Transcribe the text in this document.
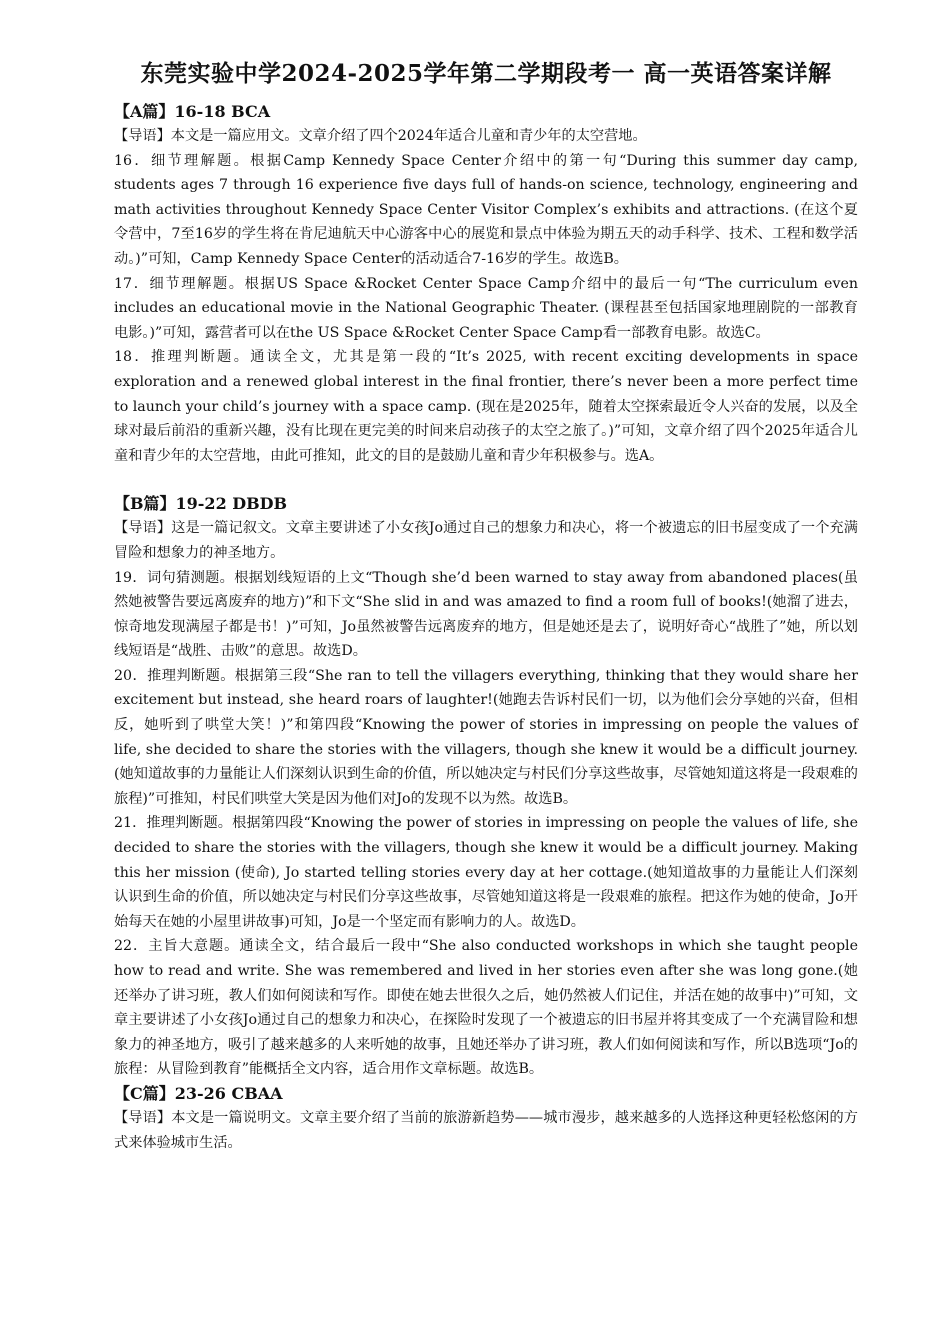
东莞实验中学2024-2025学年第二学期段考一 高一英语答案详解

【A篇】16-18 BCA

【导语】本文是一篇应用文。文章介绍了四个2024年适合儿童和青少年的太空营地。

16．细节理解题。根据Camp Kennedy Space Center介绍中的第一句“During this summer day camp, students ages 7 through 16 experience five days full of hands-on science, technology, engineering and math activities throughout Kennedy Space Center Visitor Complex’s exhibits and attractions. (在这个夏令营中，7至16岁的学生将在肯尼迪航天中心游客中心的展览和景点中体验为期五天的动手科学、技术、工程和数学活动。)”可知，Camp Kennedy Space Center的活动适合7-16岁的学生。故选B。

17．细节理解题。根据US Space &Rocket Center Space Camp介绍中的最后一句“The curriculum even includes an educational movie in the National Geographic Theater. (课程甚至包括国家地理剧院的一部教育电影。)”可知，露营者可以在the US Space &Rocket Center Space Camp看一部教育电影。故选C。

18．推理判断题。通读全文，尤其是第一段的“It’s 2025, with recent exciting developments in space exploration and a renewed global interest in the final frontier, there’s never been a more perfect time to launch your child’s journey with a space camp. (现在是2025年，随着太空探索最近令人兴奋的发展，以及全球对最后前沿的重新兴趣，没有比现在更完美的时间来启动孩子的太空之旅了。)”可知，文章介绍了四个2025年适合儿童和青少年的太空营地，由此可推知，此文的目的是鼓励儿童和青少年积极参与。选A。

【B篇】19-22 DBDB

【导语】这是一篇记叙文。文章主要讲述了小女孩Jo通过自己的想象力和决心，将一个被遗忘的旧书屋变成了一个充满冒险和想象力的神圣地方。

19．词句猜测题。根据划线短语的上文“Though she’d been warned to stay away from abandoned places(虽然她被警告要远离废弃的地方)”和下文“She slid in and was amazed to find a room full of books!(她溜了进去，惊奇地发现满屋子都是书！)”可知，Jo虽然被警告远离废弃的地方，但是她还是去了，说明好奇心“战胜了”她，所以划线短语是“战胜、击败”的意思。故选D。

20．推理判断题。根据第三段“She ran to tell the villagers everything, thinking that they would share her excitement but instead, she heard roars of laughter!(她跑去告诉村民们一切，以为他们会分享她的兴奋，但相反，她听到了哄堂大笑！)”和第四段“Knowing the power of stories in impressing on people the values of life, she decided to share the stories with the villagers, though she knew it would be a difficult journey.(她知道故事的力量能让人们深刻认识到生命的价值，所以她决定与村民们分享这些故事，尽管她知道这将是一段艰难的旅程)”可推知，村民们哄堂大笑是因为他们对Jo的发现不以为然。故选B。

21．推理判断题。根据第四段“Knowing the power of stories in impressing on people the values of life, she decided to share the stories with the villagers, though she knew it would be a difficult journey. Making this her mission (使命), Jo started telling stories every day at her cottage.(她知道故事的力量能让人们深刻认识到生命的价值，所以她决定与村民们分享这些故事，尽管她知道这将是一段艰难的旅程。把这作为她的使命，Jo开始每天在她的小屋里讲故事)可知，Jo是一个坚定而有影响力的人。故选D。

22．主旨大意题。通读全文，结合最后一段中“She also conducted workshops in which she taught people how to read and write. She was remembered and lived in her stories even after she was long gone.(她还举办了讲习班，教人们如何阅读和写作。即使在她去世很久之后，她仍然被人们记住，并活在她的故事中)”可知，文章主要讲述了小女孩Jo通过自己的想象力和决心，在探险时发现了一个被遗忘的旧书屋并将其变成了一个充满冒险和想象力的神圣地方，吸引了越来越多的人来听她的故事，且她还举办了讲习班，教人们如何阅读和写作，所以B选项“Jo的旅程：从冒险到教育”能概括全文内容，适合用作文章标题。故选B。

【C篇】23-26 CBAA

【导语】本文是一篇说明文。文章主要介绍了当前的旅游新趋势——城市漫步，越来越多的人选择这种更轻松悠闲的方式来体验城市生活。
